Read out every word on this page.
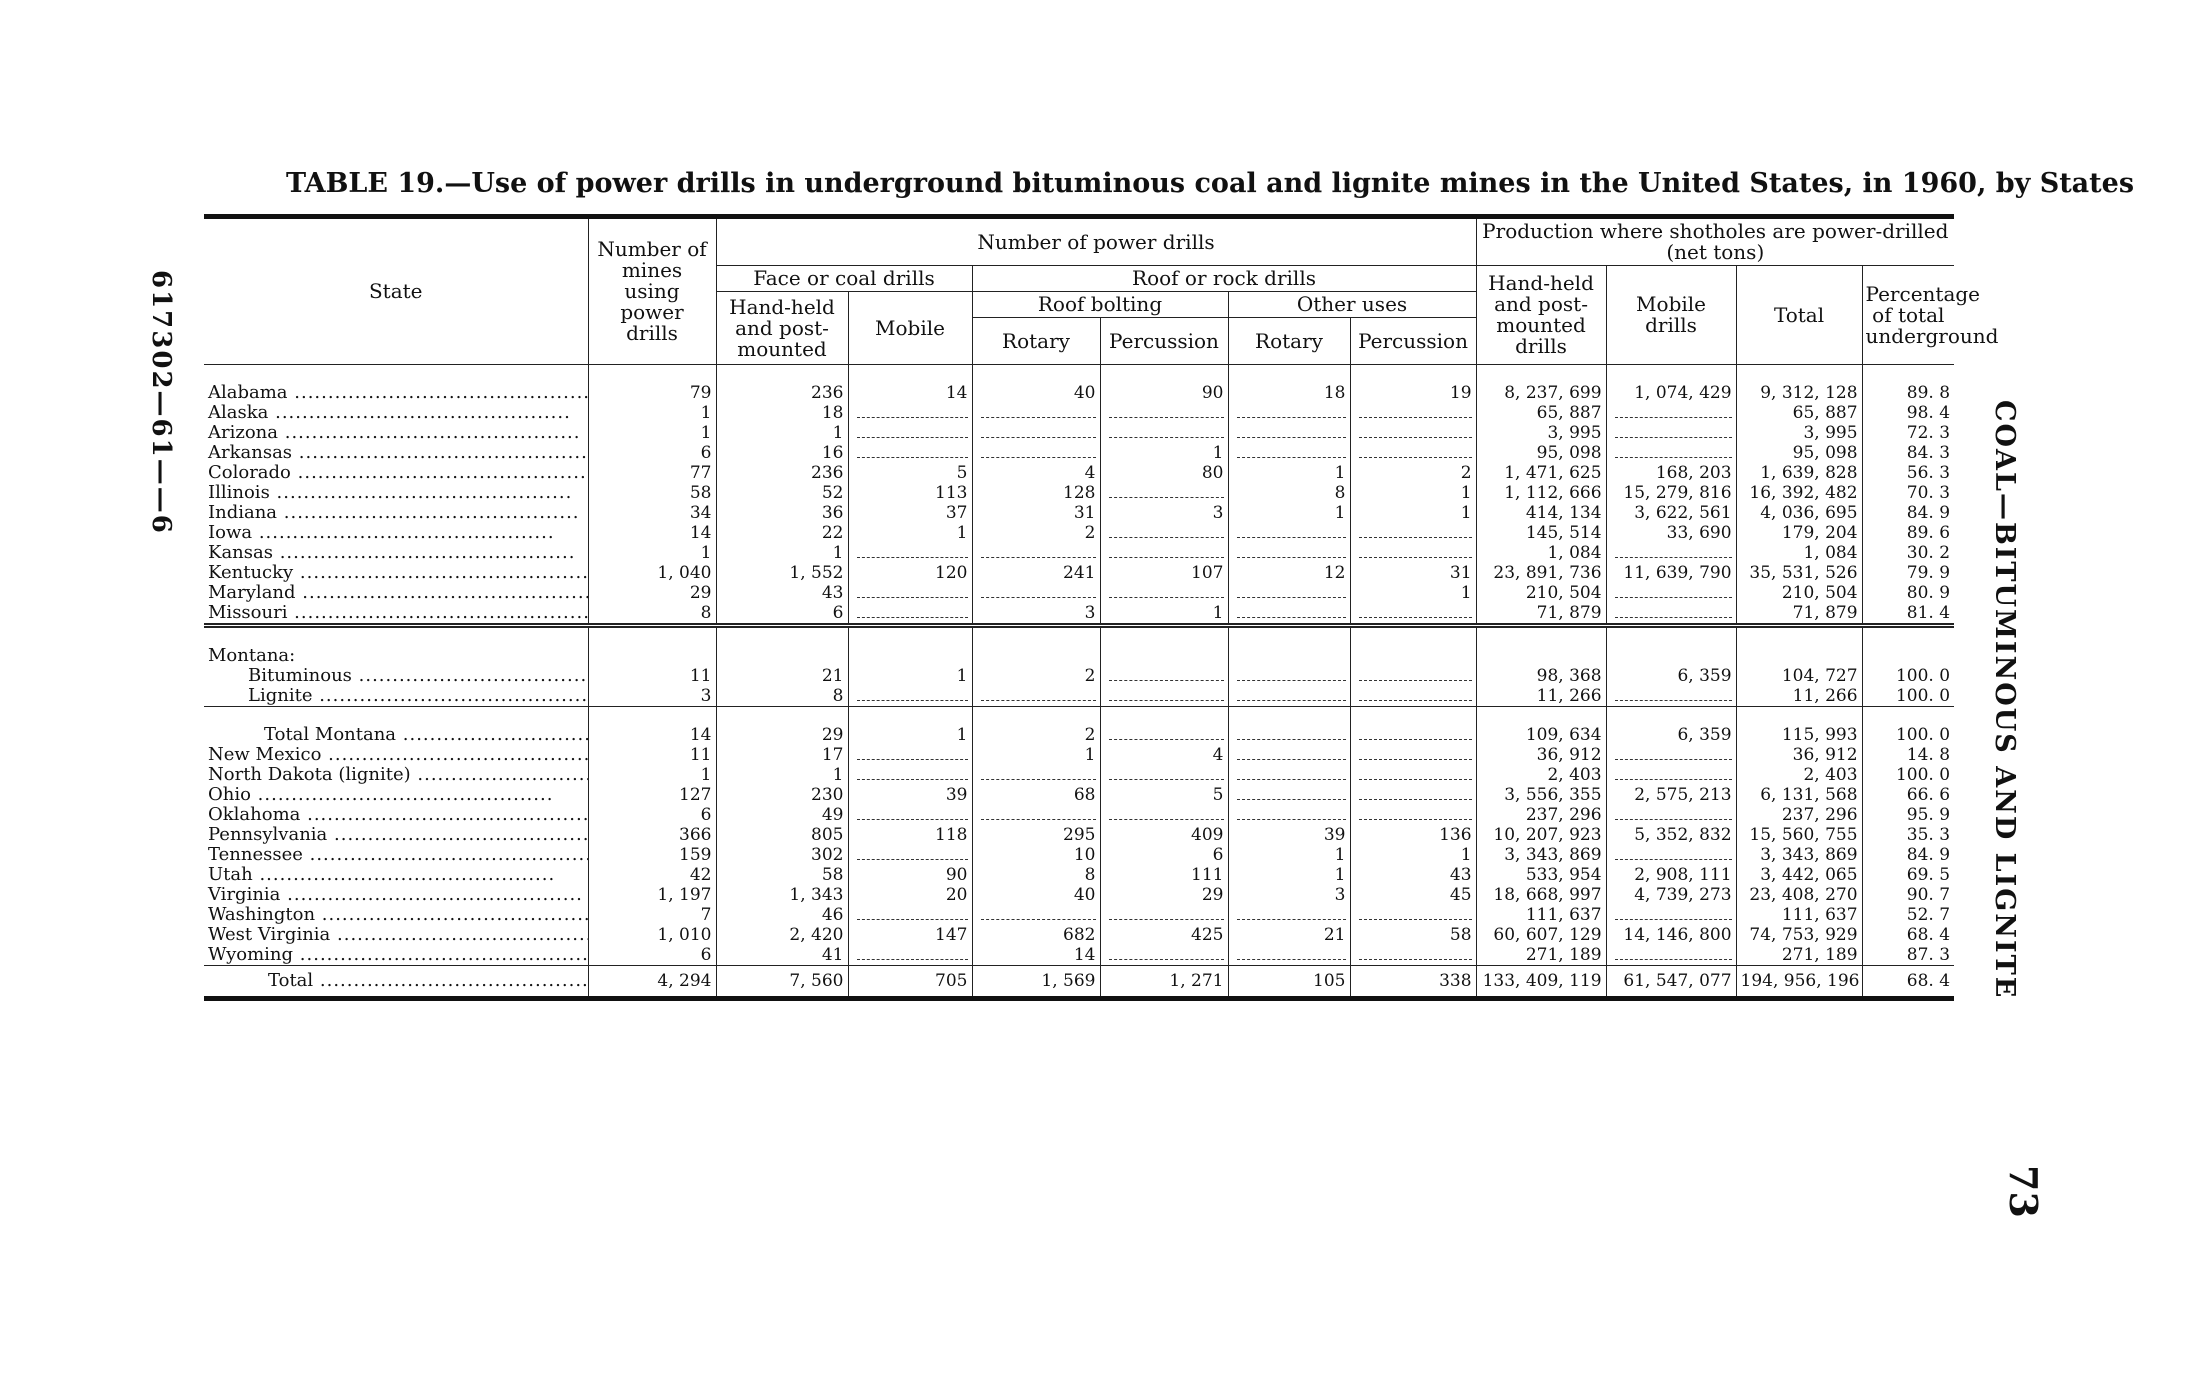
617302—61——6	COAL—BITUMINOUS AND LIGNITE
73
TABLE 19.—Use of power drills in underground bituminous coal and lignite mines in the United States, in 1960, by States
State	Number of mines using power drills	Number of power drills						Production where shotholes are power-drilled (net tons)			
		Face or coal drills		Roof or rock drills				Hand-held and post-mounted drills	Mobile drills	Total	Percentage of total underground
		Hand-held and post-mounted	Mobile	Roof bolting		Other uses					
				Rotary	Percussion	Rotary	Percussion				

Alabama .....	79	236	14	40	90	18	19	8, 237, 699	1, 074, 429	9, 312, 128	89. 8
Alaska .....	1	18						65, 887		65, 887	98. 4
Arizona .....	1	1						3, 995		3, 995	72. 3
Arkansas .....	6	16			1			95, 098		95, 098	84. 3
Colorado .....	77	236	5	4	80	1	2	1, 471, 625	168, 203	1, 639, 828	56. 3
Illinois .....	58	52	113	128		8	1	1, 112, 666	15, 279, 816	16, 392, 482	70. 3
Indiana .....	34	36	37	31	3	1	1	414, 134	3, 622, 561	4, 036, 695	84. 9
Iowa .....	14	22	1	2				145, 514	33, 690	179, 204	89. 6
Kansas .....	1	1						1, 084		1, 084	30. 2
Kentucky .....	1, 040	1, 552	120	241	107	12	31	23, 891, 736	11, 639, 790	35, 531, 526	79. 9
Maryland .....	29	43					1	210, 504		210, 504	80. 9
Missouri .....	8	6		3	1			71, 879		71, 879	81. 4

Montana:											
Bituminous .....	11	21	1	2				98, 368	6, 359	104, 727	100. 0
Lignite .....	3	8						11, 266		11, 266	100. 0

Total Montana .....	14	29	1	2				109, 634	6, 359	115, 993	100. 0
New Mexico .....	11	17		1	4			36, 912		36, 912	14. 8
North Dakota (lignite) .....	1	1						2, 403		2, 403	100. 0
Ohio .....	127	230	39	68	5			3, 556, 355	2, 575, 213	6, 131, 568	66. 6
Oklahoma .....	6	49						237, 296		237, 296	95. 9
Pennsylvania .....	366	805	118	295	409	39	136	10, 207, 923	5, 352, 832	15, 560, 755	35. 3
Tennessee .....	159	302		10	6	1	1	3, 343, 869		3, 343, 869	84. 9
Utah .....	42	58	90	8	111	1	43	533, 954	2, 908, 111	3, 442, 065	69. 5
Virginia .....	1, 197	1, 343	20	40	29	3	45	18, 668, 997	4, 739, 273	23, 408, 270	90. 7
Washington .....	7	46						111, 637		111, 637	52. 7
West Virginia .....	1, 010	2, 420	147	682	425	21	58	60, 607, 129	14, 146, 800	74, 753, 929	68. 4
Wyoming .....	6	41		14				271, 189		271, 189	87. 3
Total .....	4, 294	7, 560	705	1, 569	1, 271	105	338	133, 409, 119	61, 547, 077	194, 956, 196	68. 4
